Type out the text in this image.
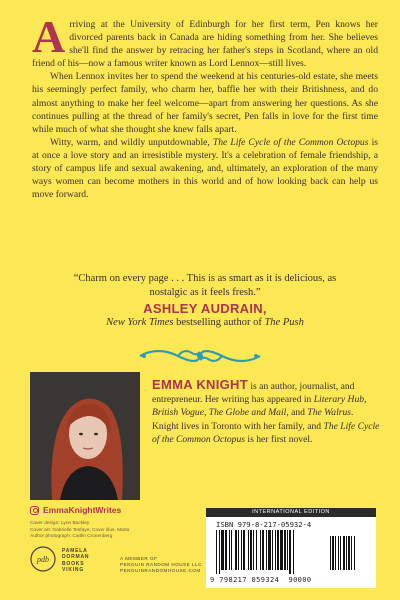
A rriving at the University of Edinburgh for her first term, Pen knows her divorced parents back in Canada are hiding something from her. She believes she'll find the answer by retracing her father's steps in Scotland, where an old friend of his—now a famous writer known as Lord Lennox—still lives.

When Lennox invites her to spend the weekend at his centuries-old estate, she meets his seemingly perfect family, who charm her, baffle her with their Britishness, and do almost anything to make her feel welcome—apart from answering her questions. As she continues pulling at the thread of her family's secret, Pen falls in love for the first time while much of what she thought she knew falls apart.

Witty, warm, and wildly unputdownable, The Life Cycle of the Common Octopus is at once a love story and an irresistible mystery. It's a celebration of female friendship, a story of campus life and sexual awakening, and, ultimately, an exploration of the many ways women can become mothers in this world and of how looking back can help us move forward.

“Charm on every page . . . This is as smart as it is delicious, as nostalgic as it feels fresh.”
ASHLEY AUDRAIN,
New York Times bestselling author of The Push
EMMA KNIGHT is an author, journalist, and entrepreneur. Her writing has appeared in Literary Hub, British Vogue, The Globe and Mail, and The Walrus. Knight lives in Toronto with her family, and The Life Cycle of the Common Octopus is her first novel.
EmmaKnightWrites
Cover design: Lynn Buckley
Cover art: Gabrielle Tesfaye; Cover illus. Marta
Author photograph: Caitlin Cronenberg
pdb
PAMELA
DORMAN
BOOKS
VIKING
A MEMBER OF
PENGUIN RANDOM HOUSE LLC
PENGUINRANDOMHOUSE.COM
INTERNATIONAL EDITION
ISBN 979-8-217-05932-4
9 798217 059324 90000
